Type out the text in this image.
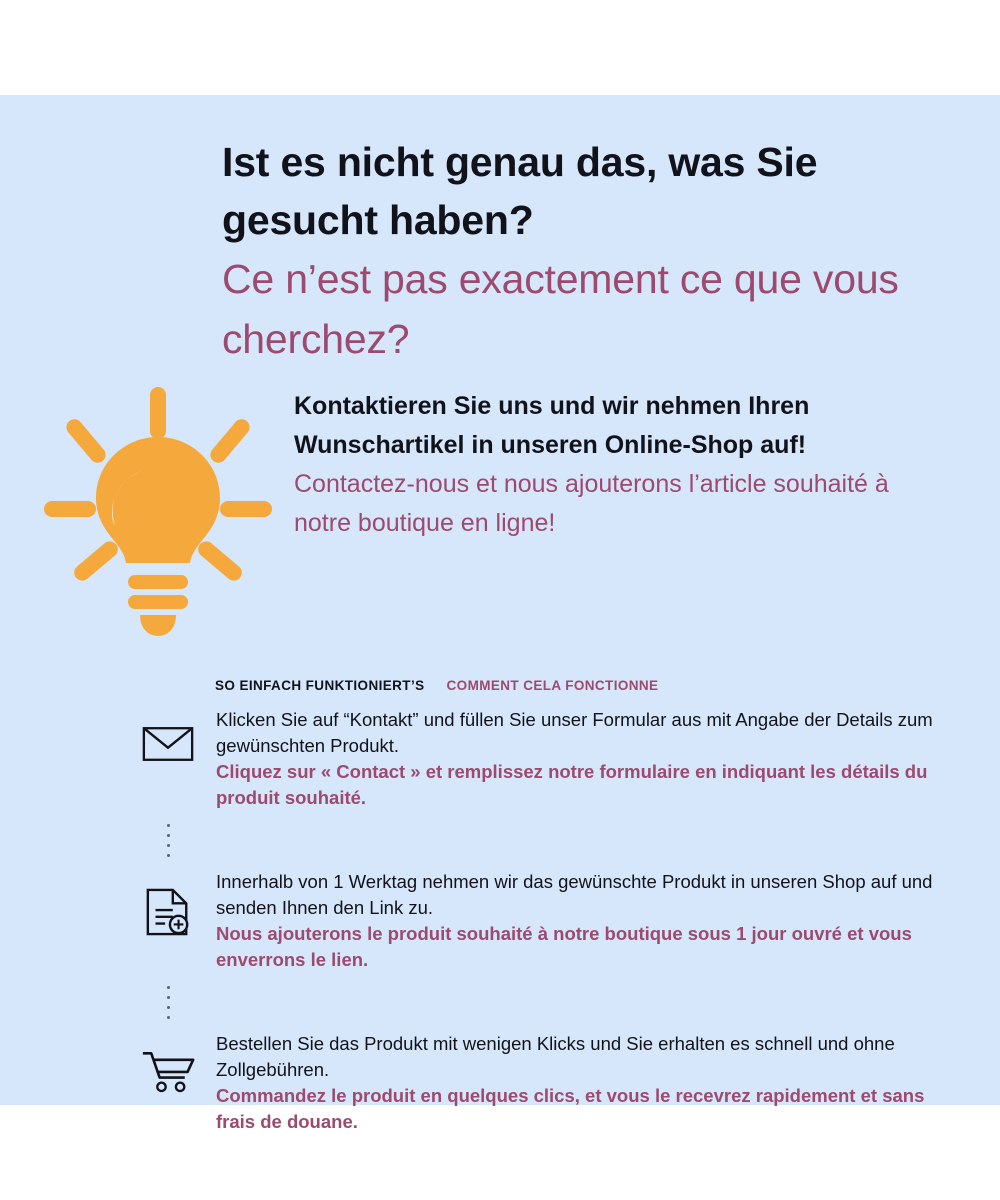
Ist es nicht genau das, was Sie gesucht haben?

Ce n’est pas exactement ce que vous cherchez?

Kontaktieren Sie uns und wir nehmen Ihren Wunschartikel in unseren Online-Shop auf!

Contactez-nous et nous ajouterons l’article souhaité à notre boutique en ligne!

SO EINFACH FUNKTIONIERT’S COMMENT CELA FONCTIONNE

Klicken Sie auf “Kontakt” und füllen Sie unser Formular aus mit Angabe der Details zum gewünschten Produkt.

Cliquez sur « Contact » et remplissez notre formulaire en indiquant les détails du produit souhaité.

Innerhalb von 1 Werktag nehmen wir das gewünschte Produkt in unseren Shop auf und senden Ihnen den Link zu.

Nous ajouterons le produit souhaité à notre boutique sous 1 jour ouvré et vous enverrons le lien.

Bestellen Sie das Produkt mit wenigen Klicks und Sie erhalten es schnell und ohne Zollgebühren.

Commandez le produit en quelques clics, et vous le recevrez rapidement et sans frais de douane.
